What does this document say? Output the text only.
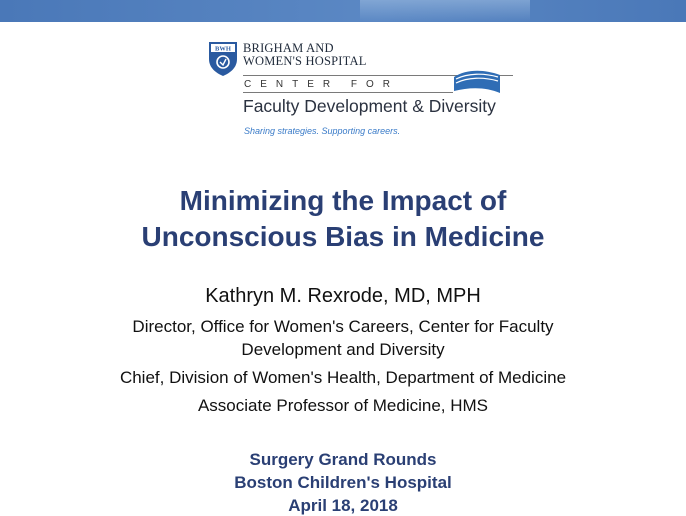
BWH BRIGHAM AND
WOMEN'S HOSPITAL
CENTER FOR
Faculty Development & Diversity
Sharing strategies. Supporting careers.
Minimizing the Impact of
Unconscious Bias in Medicine
Kathryn M. Rexrode, MD, MPH
Director, Office for Women's Careers, Center for Faculty
Development and Diversity
Chief, Division of Women's Health, Department of Medicine
Associate Professor of Medicine, HMS
Surgery Grand Rounds
Boston Children's Hospital
April 18, 2018
